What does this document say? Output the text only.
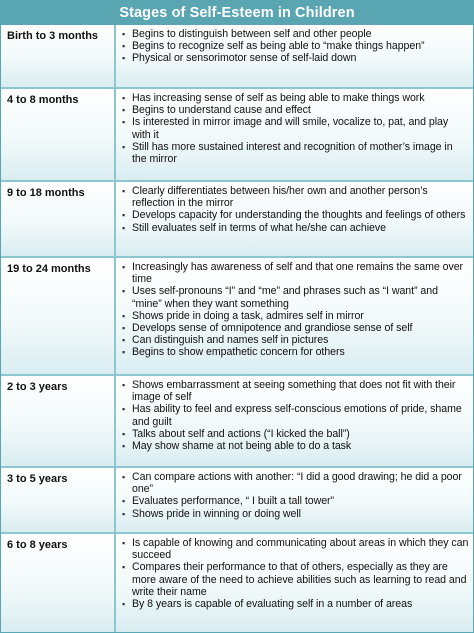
Stages of Self-Esteem in Children
Birth to 3 months	▪ Begins to distinguish between self and other people
▪ Begins to recognize self as being able to “make things happen”
▪ Physical or sensorimotor sense of self-laid down
4 to 8 months	▪ Has increasing sense of self as being able to make things work
▪ Begins to understand cause and effect
▪ Is interested in mirror image and will smile, vocalize to, pat, and play with it
▪ Still has more sustained interest and recognition of mother’s image in the mirror
9 to 18 months	▪ Clearly differentiates between his/her own and another person’s reflection in the mirror
▪ Develops capacity for understanding the thoughts and feelings of others
▪ Still evaluates self in terms of what he/she can achieve
19 to 24 months	▪ Increasingly has awareness of self and that one remains the same over time
▪ Uses self-pronouns “I” and “me” and phrases such as “I want” and “mine” when they want something
▪ Shows pride in doing a task, admires self in mirror
▪ Develops sense of omnipotence and grandiose sense of self
▪ Can distinguish and names self in pictures
▪ Begins to show empathetic concern for others
2 to 3 years	▪ Shows embarrassment at seeing something that does not fit with their image of self
▪ Has ability to feel and express self-conscious emotions of pride, shame and guilt
▪ Talks about self and actions (“I kicked the ball”)
▪ May show shame at not being able to do a task
3 to 5 years	▪ Can compare actions with another: “I did a good drawing; he did a poor one”
▪ Evaluates performance, “ I built a tall tower”
▪ Shows pride in winning or doing well
6 to 8 years	▪ Is capable of knowing and communicating about areas in which they can succeed
▪ Compares their performance to that of others, especially as they are more aware of the need to achieve abilities such as learning to read and write their name
▪ By 8 years is capable of evaluating self in a number of areas
